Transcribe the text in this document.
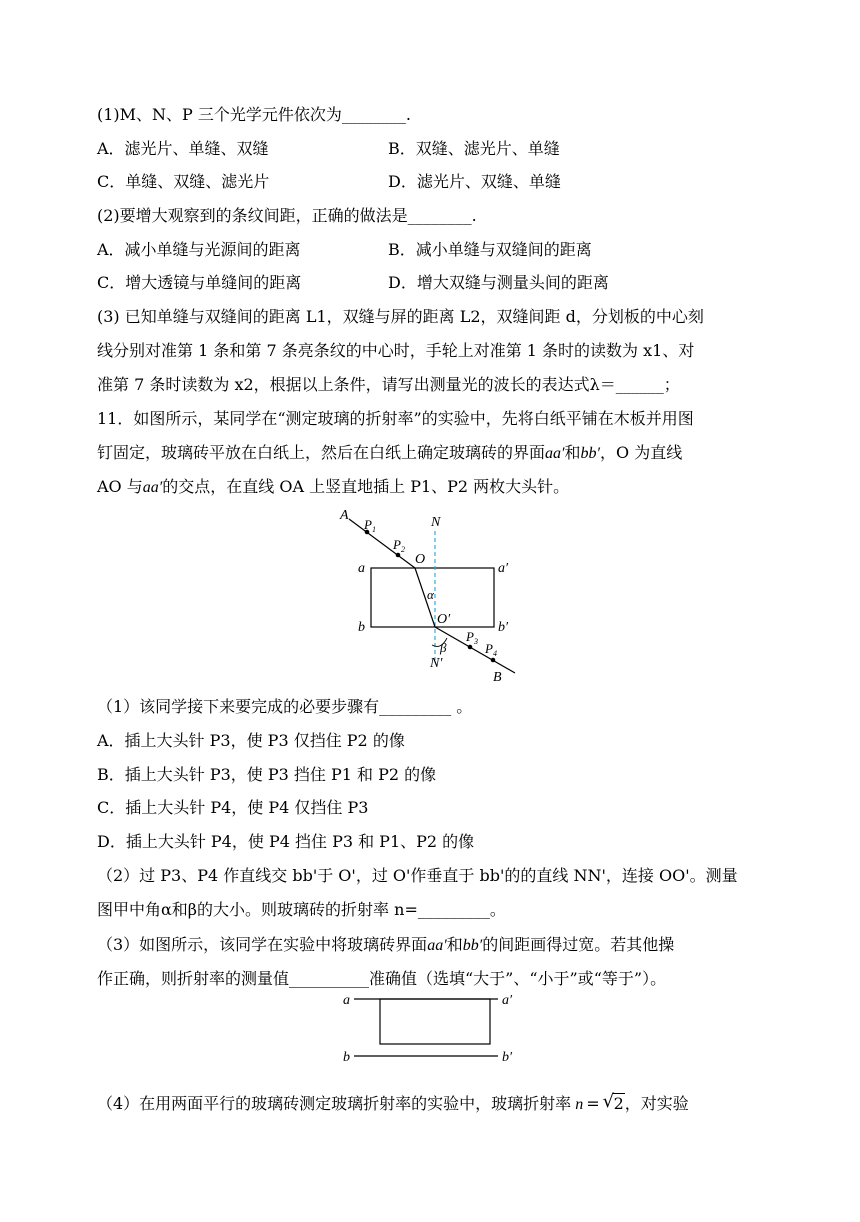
(1)M、N、P 三个光学元件依次为________.
A．滤光片、单缝、双缝	B．双缝、滤光片、单缝
C．单缝、双缝、滤光片	D．滤光片、双缝、单缝
(2)要增大观察到的条纹间距，正确的做法是________.
A．减小单缝与光源间的距离	B．减小单缝与双缝间的距离
C．增大透镜与单缝间的距离	D．增大双缝与测量头间的距离
(3) 已知单缝与双缝间的距离 L1，双缝与屏的距离 L2，双缝间距 d，分划板的中心刻
线分别对准第 1 条和第 7 条亮条纹的中心时，手轮上对准第 1 条时的读数为 x1、对
准第 7 条时读数为 x2，根据以上条件，请写出测量光的波长的表达式λ＝______；
11．如图所示，某同学在“测定玻璃的折射率”的实验中，先将白纸平铺在木板并用图
钉固定，玻璃砖平放在白纸上，然后在白纸上确定玻璃砖的界面aa′和bb′，O 为直线
AO 与aa′的交点，在直线 OA 上竖直地插上 P1、P2 两枚大头针。
A
P 1
P 2
O
N
a	a′
α
O′
b	b′
P 3
β	P 4
N′
B
（1）该同学接下来要完成的必要步骤有_________ 。
A．插上大头针 P3，使 P3 仅挡住 P2 的像
B．插上大头针 P3，使 P3 挡住 P1 和 P2 的像
C．插上大头针 P4，使 P4 仅挡住 P3
D．插上大头针 P4，使 P4 挡住 P3 和 P1、P2 的像
（2）过 P3、P4 作直线交 bb'于 O'，过 O'作垂直于 bb'的的直线 NN'，连接 OO'。测量
图甲中角α和β的大小。则玻璃砖的折射率 n=_________。
（3）如图所示，该同学在实验中将玻璃砖界面aa′和bb′的间距画得过宽。若其他操
作正确，则折射率的测量值__________准确值（选填“大于”、“小于”或“等于”）。
a	a′
b	b′
（4）在用两面平行的玻璃砖测定玻璃折射率的实验中，玻璃折射率 n = √ 2，对实验
